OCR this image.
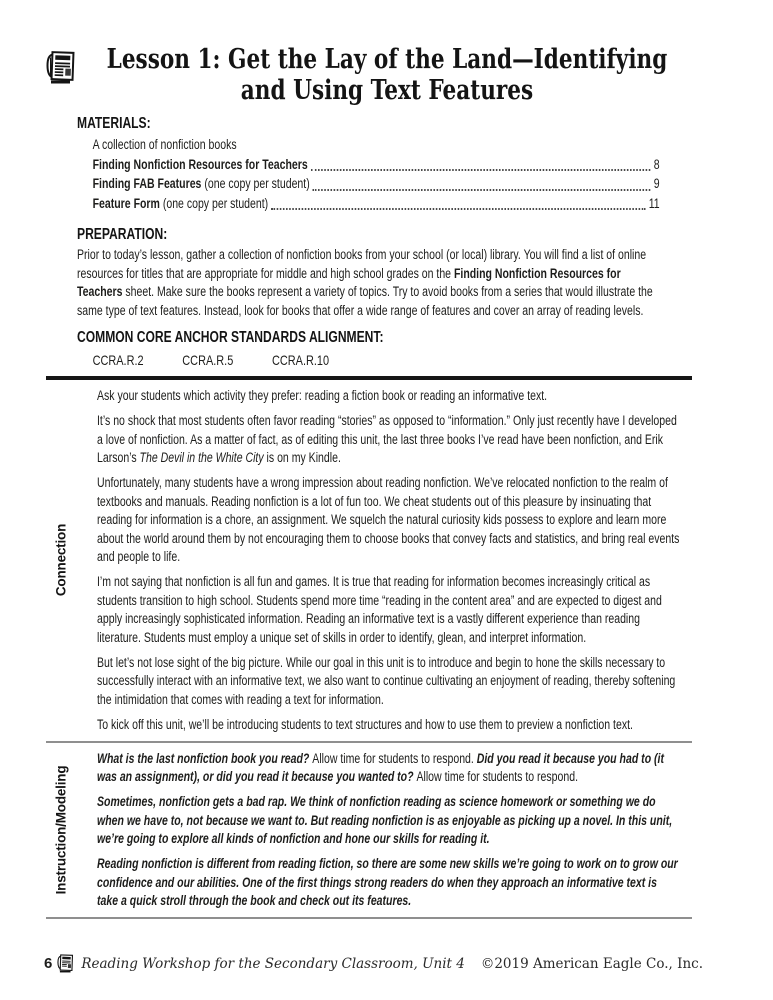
Lesson 1: Get the Lay of the Land—Identifying
and Using Text Features
MATERIALS:
A collection of nonfiction books
Finding Nonfiction Resources for Teachers	8
Finding FAB Features (one copy per student)	9
Feature Form (one copy per student)	11
PREPARATION:

Prior to today’s lesson, gather a collection of nonfiction books from your school (or local) library. You will find a list of online resources for titles that are appropriate for middle and high school grades on the Finding Nonfiction Resources for Teachers sheet. Make sure the books represent a variety of topics. Try to avoid books from a series that would illustrate the same type of text features. Instead, look for books that offer a wide range of features and cover an array of reading levels.

COMMON CORE ANCHOR STANDARDS ALIGNMENT:
CCRA.R.2	CCRA.R.5	CCRA.R.10
Connection

Ask your students which activity they prefer: reading a fiction book or reading an informative text.

It’s no shock that most students often favor reading “stories” as opposed to “information.” Only just recently have I developed a love of nonfiction. As a matter of fact, as of editing this unit, the last three books I’ve read have been nonfiction, and Erik Larson’s The Devil in the White City is on my Kindle.

Unfortunately, many students have a wrong impression about reading nonfiction. We’ve relocated nonfiction to the realm of textbooks and manuals. Reading nonfiction is a lot of fun too. We cheat students out of this pleasure by insinuating that reading for information is a chore, an assignment. We squelch the natural curiosity kids possess to explore and learn more about the world around them by not encouraging them to choose books that convey facts and statistics, and bring real events and people to life.

I’m not saying that nonfiction is all fun and games. It is true that reading for information becomes increasingly critical as students transition to high school. Students spend more time “reading in the content area” and are expected to digest and apply increasingly sophisticated information. Reading an informative text is a vastly different experience than reading literature. Students must employ a unique set of skills in order to identify, glean, and interpret information.

But let’s not lose sight of the big picture. While our goal in this unit is to introduce and begin to hone the skills necessary to successfully interact with an informative text, we also want to continue cultivating an enjoyment of reading, thereby softening the intimidation that comes with reading a text for information.

To kick off this unit, we’ll be introducing students to text structures and how to use them to preview a nonfiction text.

Instruction/Modeling

What is the last nonfiction book you read? Allow time for students to respond. Did you read it because you had to (it was an assignment), or did you read it because you wanted to? Allow time for students to respond.

Sometimes, nonfiction gets a bad rap. We think of nonfiction reading as science homework or something we do when we have to, not because we want to. But reading nonfiction is as enjoyable as picking up a novel. In this unit, we’re going to explore all kinds of nonfiction and hone our skills for reading it.

Reading nonfiction is different from reading fiction, so there are some new skills we’re going to work on to grow our confidence and our abilities. One of the first things strong readers do when they approach an informative text is take a quick stroll through the book and check out its features.

6 Reading Workshop for the Secondary Classroom, Unit 4 ©2019 American Eagle Co., Inc.
